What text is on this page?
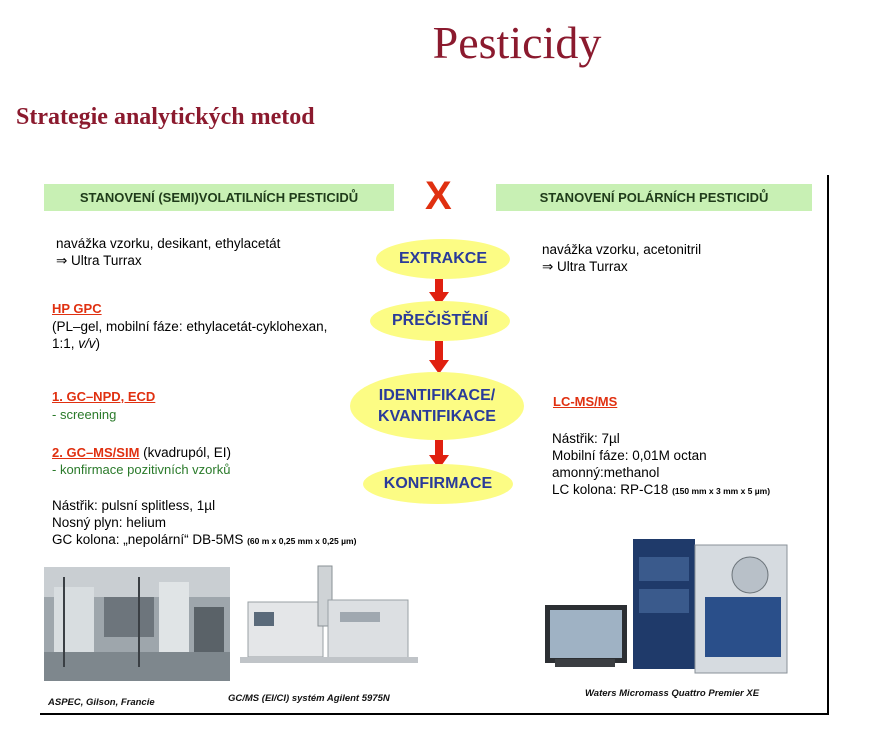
Pesticidy
Strategie analytických metod
STANOVENÍ (SEMI)VOLATILNÍCH PESTICIDŮ	X	STANOVENÍ POLÁRNÍCH PESTICIDŮ
EXTRAKCE
PŘEČIŠTĚNÍ
IDENTIFIKACE/
KVANTIFIKACE
KONFIRMACE
navážka vzorku, desikant, ethylacetát
⇒ Ultra Turrax
HP GPC
(PL–gel, mobilní fáze: ethylacetát-cyklohexan,
1:1, v/v)
1. GC–NPD, ECD
- screening
2. GC–MS/SIM (kvadrupól, EI)
- konfirmace pozitivních vzorků
Nástřik: pulsní splitless, 1µl
Nosný plyn: helium
GC kolona: „nepolární“ DB-5MS (60 m x 0,25 mm x 0,25 µm)
navážka vzorku, acetonitril
⇒ Ultra Turrax
LC-MS/MS
Nástřik: 7µl
Mobilní fáze: 0,01M octan
amonný:methanol
LC kolona: RP-C18 (150 mm x 3 mm x 5 µm)
ASPEC, Gilson, Francie	GC/MS (EI/CI) systém Agilent 5975N	Waters Micromass Quattro Premier XE
